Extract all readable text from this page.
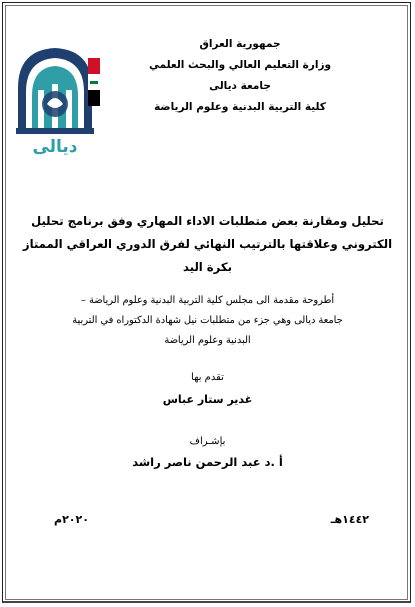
ديالى
جمهورية العراق
وزارة التعليم العالي والبحث العلمي
جامعة ديالى
كلية التربية البدنية وعلوم الرياضة
تحليل ومقارنة بعض متطلبات الاداء المهاري وفق برنامج تحليل
الكتروني وعلاقتها بالترتيب النهائي لفرق الدوري العراقي الممتاز
بكرة اليد
أطروحة مقدمة الى مجلس كلية التربية البدنية وعلوم الرياضة –
جامعة ديالى وهي جزء من متطلبات نيل شهادة الدكتوراه في التربية
البدنية وعلوم الرياضة
تقدم بها
غدير ستار عباس
بإشـراف
أ .د عبد الرحمن ناصر راشد
١٤٤٢هـ
٢٠٢٠م
